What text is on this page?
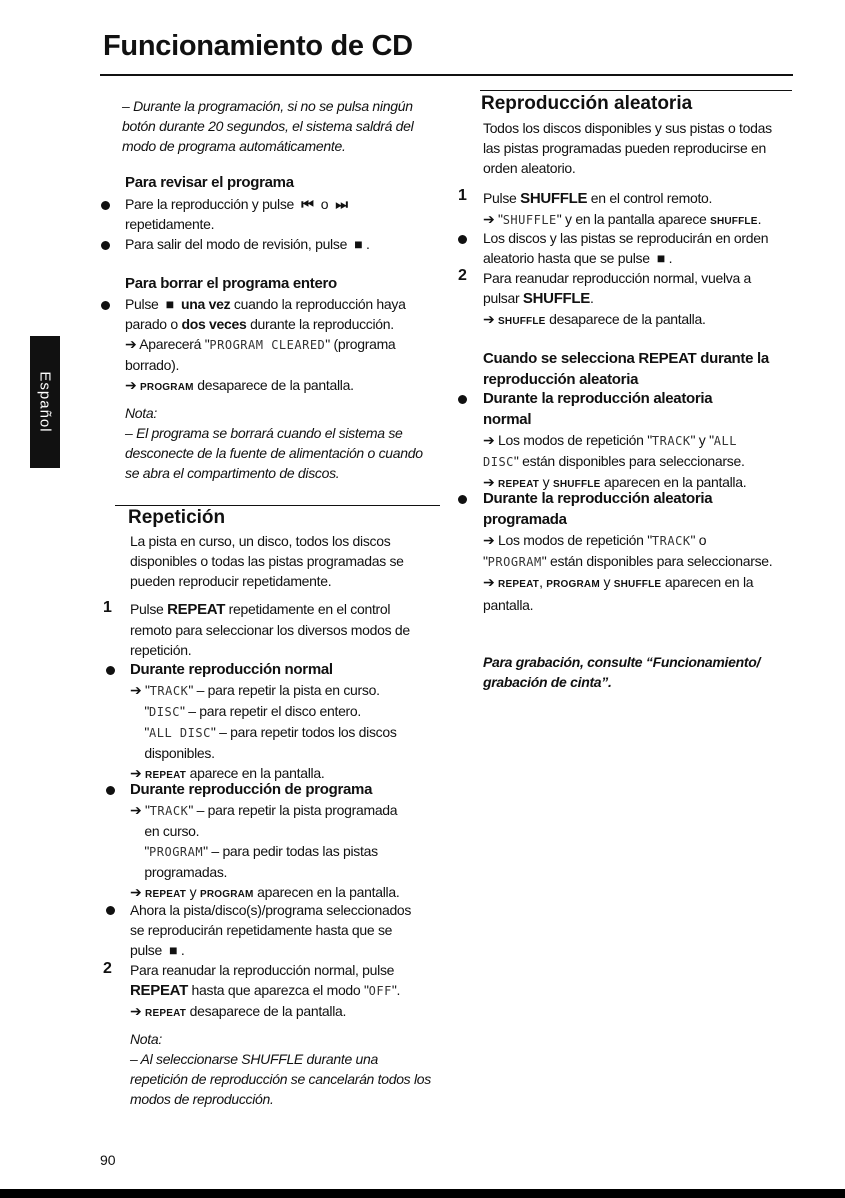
Funcionamiento de CD
Español
– Durante la programación, si no se pulsa ningún
botón durante 20 segundos, el sistema saldrá del
modo de programa automáticamente.
Para revisar el programa
Pare la reproducción y pulse  ⏮  o  ⏭
repetidamente.
Para salir del modo de revisión, pulse  ■ .
Para borrar el programa entero
Pulse  ■ una vez cuando la reproducción haya
parado o dos veces durante la reproducción.
➔ Aparecerá "PROGRAM CLEARED" (programa
borrado).
➔ PROGRAM desaparece de la pantalla.
Nota:
– El programa se borrará cuando el sistema se
desconecte de la fuente de alimentación o cuando
se abra el compartimento de discos.
Repetición
La pista en curso, un disco, todos los discos
disponibles o todas las pistas programadas se
pueden reproducir repetidamente.
1 Pulse REPEAT repetidamente en el control
remoto para seleccionar los diversos modos de
repetición.
Durante reproducción normal
➔ "TRACK" – para repetir la pista en curso.
"DISC" – para repetir el disco entero.
"ALL DISC" – para repetir todos los discos
disponibles.
➔ REPEAT aparece en la pantalla.
Durante reproducción de programa
➔ "TRACK" – para repetir la pista programada
en curso.
"PROGRAM" – para pedir todas las pistas
programadas.
➔ REPEAT y PROGRAM aparecen en la pantalla.
Ahora la pista/disco(s)/programa seleccionados
se reproducirán repetidamente hasta que se
pulse  ■ .
2 Para reanudar la reproducción normal, pulse
REPEAT hasta que aparezca el modo "OFF".
➔ REPEAT desaparece de la pantalla.
Nota:
– Al seleccionarse SHUFFLE durante una
repetición de reproducción se cancelarán todos los
modos de reproducción.
Reproducción aleatoria
Todos los discos disponibles y sus pistas o todas
las pistas programadas pueden reproducirse en
orden aleatorio.
1 Pulse SHUFFLE en el control remoto.
➔ "SHUFFLE" y en la pantalla aparece SHUFFLE.
Los discos y las pistas se reproducirán en orden
aleatorio hasta que se pulse  ■ .
2 Para reanudar reproducción normal, vuelva a
pulsar SHUFFLE.
➔ SHUFFLE desaparece de la pantalla.
Cuando se selecciona REPEAT durante la
reproducción aleatoria
Durante la reproducción aleatoria
normal
➔ Los modos de repetición "TRACK" y "ALL
DISC" están disponibles para seleccionarse.
➔ REPEAT y SHUFFLE aparecen en la pantalla.
Durante la reproducción aleatoria
programada
➔ Los modos de repetición "TRACK" o
"PROGRAM" están disponibles para seleccionarse.
➔ REPEAT, PROGRAM y SHUFFLE aparecen en la
pantalla.
Para grabación, consulte “Funcionamiento/
grabación de cinta”.
90
